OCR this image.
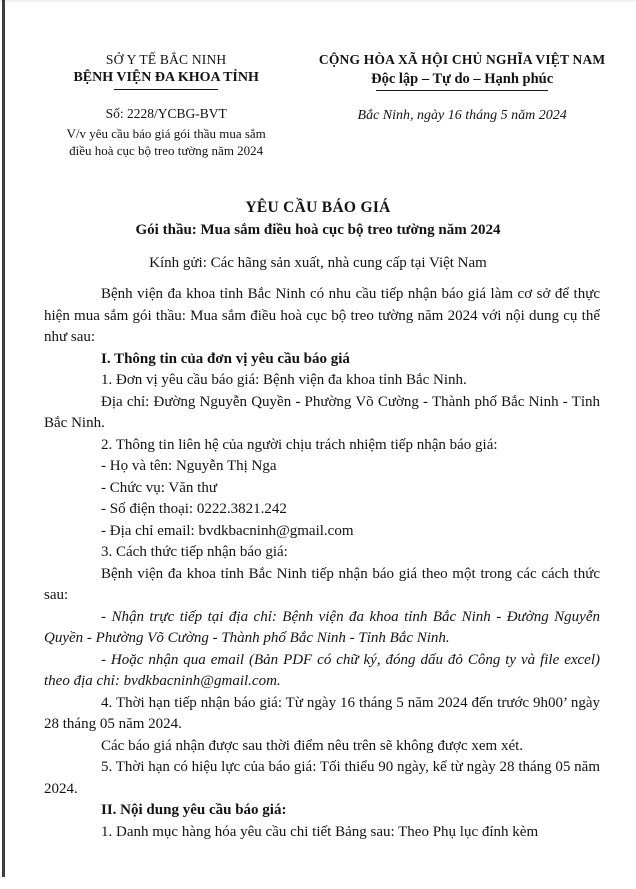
SỞ Y TẾ BẮC NINH
BỆNH VIỆN ĐA KHOA TỈNH
Số: 2228/YCBG-BVT
V/v yêu cầu báo giá gói thầu mua sắm điều hoà cục bộ treo tường năm 2024
CỘNG HÒA XÃ HỘI CHỦ NGHĨA VIỆT NAM
Độc lập – Tự do – Hạnh phúc
Bắc Ninh, ngày 16 tháng 5 năm 2024
YÊU CẦU BÁO GIÁ
Gói thầu: Mua sắm điều hoà cục bộ treo tường năm 2024
Kính gửi: Các hãng sản xuất, nhà cung cấp tại Việt Nam

Bệnh viện đa khoa tỉnh Bắc Ninh có nhu cầu tiếp nhận báo giá làm cơ sở để thực hiện mua sắm gói thầu: Mua sắm điều hoà cục bộ treo tường năm 2024 với nội dung cụ thể như sau:

I. Thông tin của đơn vị yêu cầu báo giá

1. Đơn vị yêu cầu báo giá: Bệnh viện đa khoa tỉnh Bắc Ninh.

Địa chỉ: Đường Nguyễn Quyền - Phường Võ Cường - Thành phố Bắc Ninh - Tỉnh Bắc Ninh.

2. Thông tin liên hệ của người chịu trách nhiệm tiếp nhận báo giá:

- Họ và tên: Nguyễn Thị Nga

- Chức vụ: Văn thư

- Số điện thoại: 0222.3821.242

- Địa chỉ email: bvdkbacninh@gmail.com

3. Cách thức tiếp nhận báo giá:

Bệnh viện đa khoa tỉnh Bắc Ninh tiếp nhận báo giá theo một trong các cách thức sau:

- Nhận trực tiếp tại địa chỉ: Bệnh viện đa khoa tỉnh Bắc Ninh - Đường Nguyễn Quyền - Phường Võ Cường - Thành phố Bắc Ninh - Tỉnh Bắc Ninh.

- Hoặc nhận qua email (Bản PDF có chữ ký, đóng dấu đỏ Công ty và file excel) theo địa chỉ: bvdkbacninh@gmail.com.

4. Thời hạn tiếp nhận báo giá: Từ ngày 16 tháng 5 năm 2024 đến trước 9h00’ ngày 28 tháng 05 năm 2024.

Các báo giá nhận được sau thời điểm nêu trên sẽ không được xem xét.

5. Thời hạn có hiệu lực của báo giá: Tối thiểu 90 ngày, kể từ ngày 28 tháng 05 năm 2024.

II. Nội dung yêu cầu báo giá:

1. Danh mục hàng hóa yêu cầu chi tiết Bảng sau: Theo Phụ lục đính kèm
